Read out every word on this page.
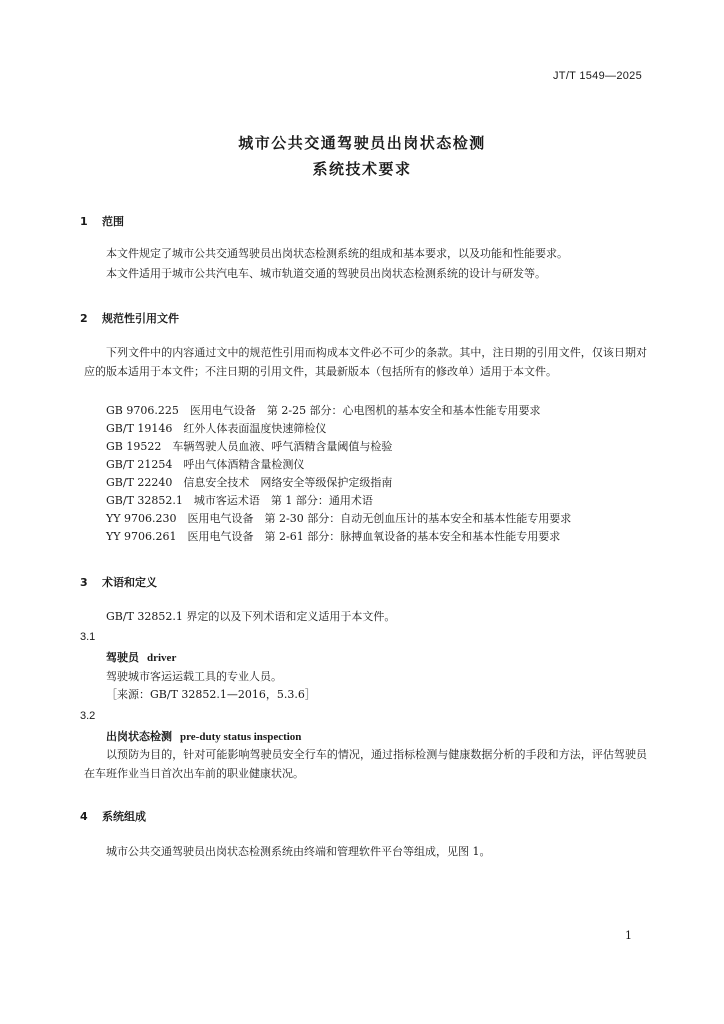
JT/T 1549—2025
城市公共交通驾驶员出岗状态检测
系统技术要求
1 范围
本文件规定了城市公共交通驾驶员出岗状态检测系统的组成和基本要求，以及功能和性能要求。
本文件适用于城市公共汽电车、城市轨道交通的驾驶员出岗状态检测系统的设计与研发等。
2 规范性引用文件
下列文件中的内容通过文中的规范性引用而构成本文件必不可少的条款。其中，注日期的引用文件，仅该日期对应的版本适用于本文件；不注日期的引用文件，其最新版本（包括所有的修改单）适用于本文件。
GB 9706.225　医用电气设备　第 2-25 部分：心电图机的基本安全和基本性能专用要求
GB/T 19146　红外人体表面温度快速筛检仪
GB 19522　车辆驾驶人员血液、呼气酒精含量阈值与检验
GB/T 21254　呼出气体酒精含量检测仪
GB/T 22240　信息安全技术　网络安全等级保护定级指南
GB/T 32852.1　城市客运术语　第 1 部分：通用术语
YY 9706.230　医用电气设备　第 2-30 部分：自动无创血压计的基本安全和基本性能专用要求
YY 9706.261　医用电气设备　第 2-61 部分：脉搏血氧设备的基本安全和基本性能专用要求
3 术语和定义
GB/T 32852.1 界定的以及下列术语和定义适用于本文件。
3.1
驾驶员 driver
驾驶城市客运运载工具的专业人员。
［来源：GB/T 32852.1—2016，5.3.6］
3.2
出岗状态检测 pre-duty status inspection
以预防为目的，针对可能影响驾驶员安全行车的情况，通过指标检测与健康数据分析的手段和方法，评估驾驶员在车班作业当日首次出车前的职业健康状况。
4 系统组成
城市公共交通驾驶员出岗状态检测系统由终端和管理软件平台等组成，见图 1。
1
